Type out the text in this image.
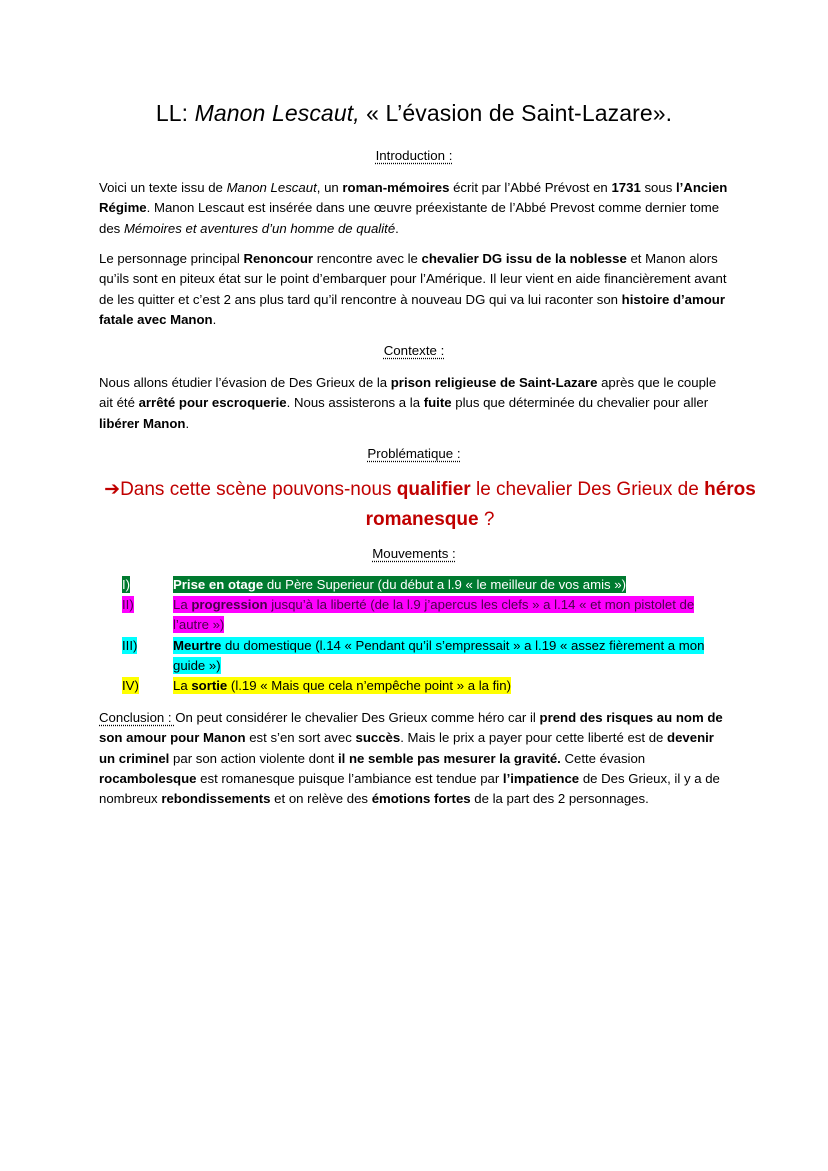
LL: Manon Lescaut, « L’évasion de Saint-Lazare».
Introduction :

Voici un texte issu de Manon Lescaut, un roman-mémoires écrit par l’Abbé Prévost en 1731 sous l’Ancien Régime. Manon Lescaut est insérée dans une œuvre préexistante de l’Abbé Prevost comme dernier tome des Mémoires et aventures d’un homme de qualité.

Le personnage principal Renoncour rencontre avec le chevalier DG issu de la noblesse et Manon alors qu’ils sont en piteux état sur le point d’embarquer pour l’Amérique. Il leur vient en aide financièrement avant de les quitter et c’est 2 ans plus tard qu’il rencontre à nouveau DG qui va lui raconter son histoire d’amour fatale avec Manon.

Contexte :

Nous allons étudier l’évasion de Des Grieux de la prison religieuse de Saint-Lazare après que le couple ait été arrêté pour escroquerie. Nous assisterons a la fuite plus que déterminée du chevalier pour aller libérer Manon.

Problématique :
➔Dans cette scène pouvons-nous qualifier le chevalier Des Grieux de héros romanesque ?
Mouvements :
I)	Prise en otage du Père Superieur (du début a l.9 « le meilleur de vos amis »)
II)	La progression jusqu’à la liberté (de la l.9 j’apercus les clefs » a l.14 « et mon pistolet de l’autre »)
III)	Meurtre du domestique (l.14 « Pendant qu’il s’empressait » a l.19 « assez fièrement a mon guide »)
IV)	La sortie (l.19 « Mais que cela n’empêche point » a la fin)

Conclusion : On peut considérer le chevalier Des Grieux comme héro car il prend des risques au nom de son amour pour Manon est s’en sort avec succès. Mais le prix a payer pour cette liberté est de devenir un criminel par son action violente dont il ne semble pas mesurer la gravité. Cette évasion rocambolesque est romanesque puisque l’ambiance est tendue par l’impatience de Des Grieux, il y a de nombreux rebondissements et on relève des émotions fortes de la part des 2 personnages.
